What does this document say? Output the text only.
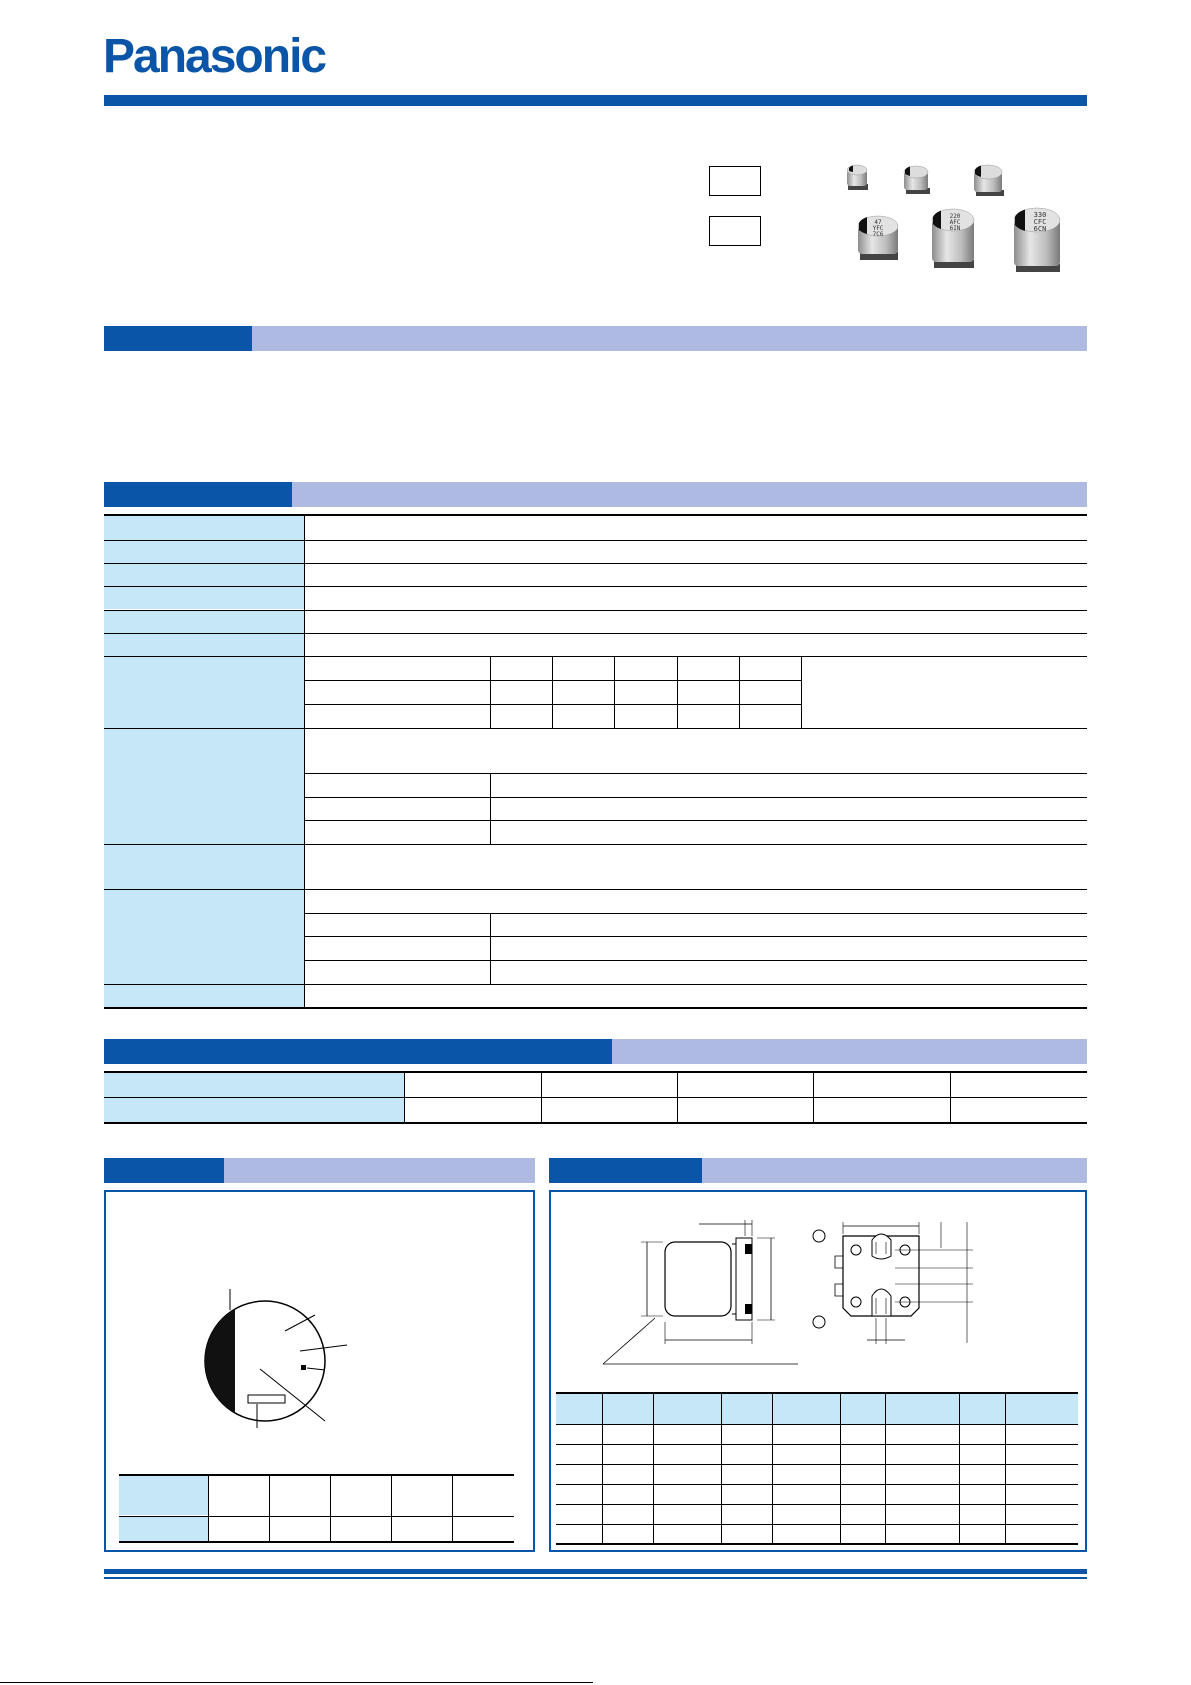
Panasonic
47
YFC
7C6
220
AFC
6IN
330
CFC
6CN
